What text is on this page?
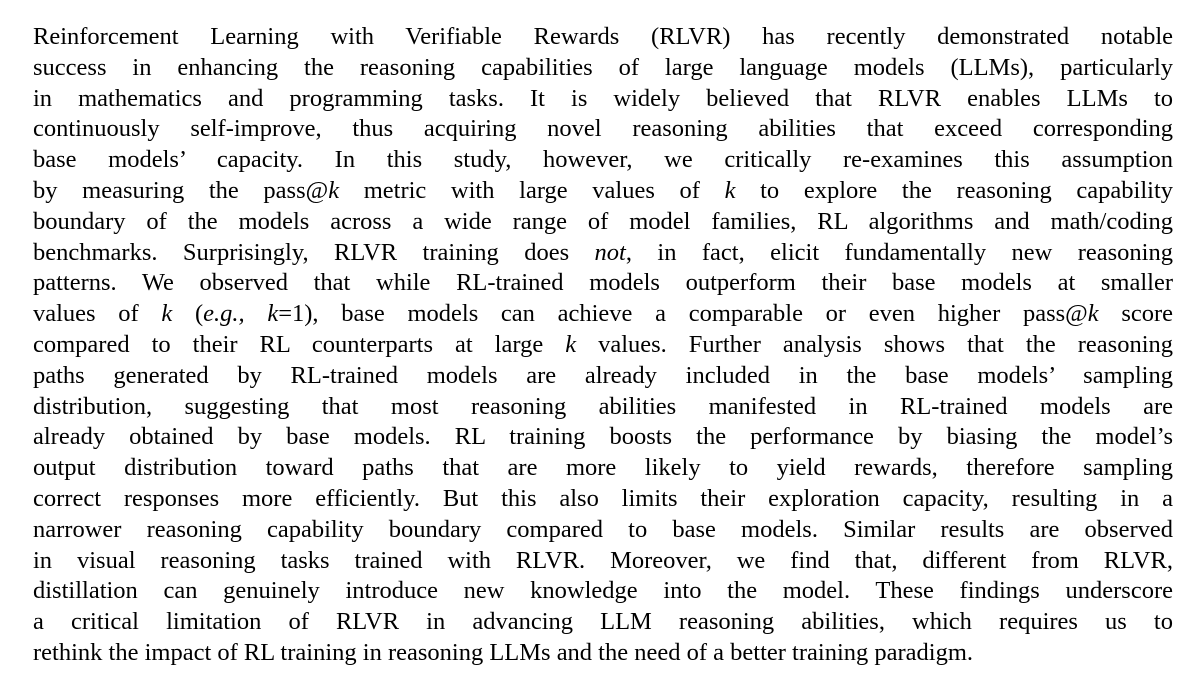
Reinforcement Learning with Verifiable Rewards (RLVR) has recently demonstrated notable
success in enhancing the reasoning capabilities of large language models (LLMs), particularly
in mathematics and programming tasks. It is widely believed that RLVR enables LLMs to
continuously self-improve, thus acquiring novel reasoning abilities that exceed corresponding
base models’ capacity. In this study, however, we critically re-examines this assumption
by measuring the pass@k metric with large values of k to explore the reasoning capability
boundary of the models across a wide range of model families, RL algorithms and math/coding
benchmarks. Surprisingly, RLVR training does not, in fact, elicit fundamentally new reasoning
patterns. We observed that while RL-trained models outperform their base models at smaller
values of k (e.g., k=1), base models can achieve a comparable or even higher pass@k score
compared to their RL counterparts at large k values. Further analysis shows that the reasoning
paths generated by RL-trained models are already included in the base models’ sampling
distribution, suggesting that most reasoning abilities manifested in RL-trained models are
already obtained by base models. RL training boosts the performance by biasing the model’s
output distribution toward paths that are more likely to yield rewards, therefore sampling
correct responses more efficiently. But this also limits their exploration capacity, resulting in a
narrower reasoning capability boundary compared to base models. Similar results are observed
in visual reasoning tasks trained with RLVR. Moreover, we find that, different from RLVR,
distillation can genuinely introduce new knowledge into the model. These findings underscore
a critical limitation of RLVR in advancing LLM reasoning abilities, which requires us to
rethink the impact of RL training in reasoning LLMs and the need of a better training paradigm.
